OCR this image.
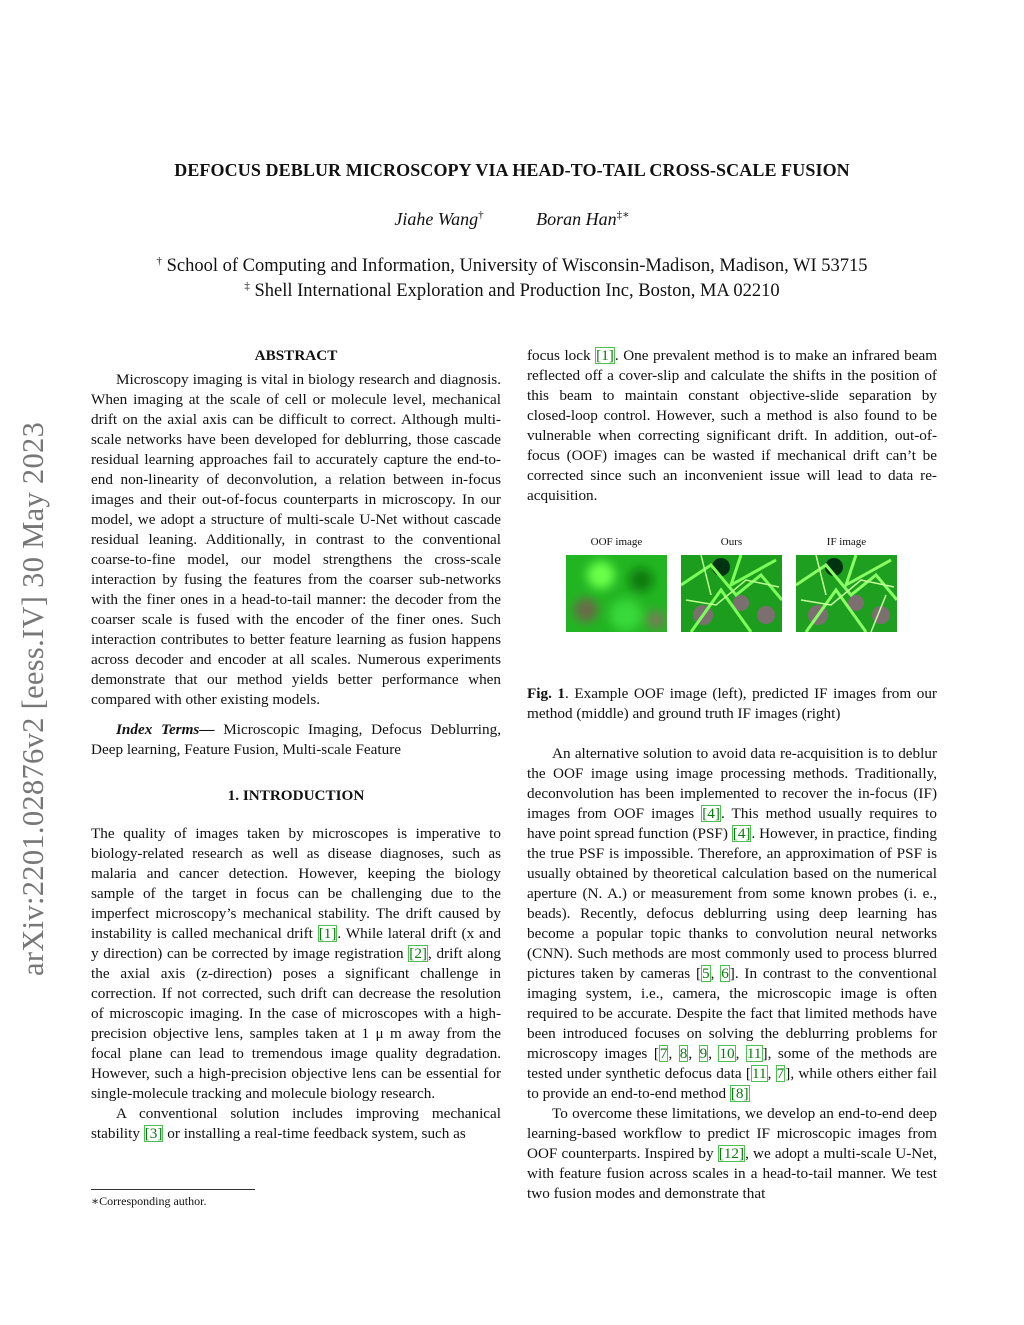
arXiv:2201.02876v2 [eess.IV] 30 May 2023
DEFOCUS DEBLUR MICROSCOPY VIA HEAD-TO-TAIL CROSS-SCALE FUSION
Jiahe Wang†	Boran Han‡∗
† School of Computing and Information, University of Wisconsin-Madison, Madison, WI 53715
‡ Shell International Exploration and Production Inc, Boston, MA 02210
ABSTRACT

Microscopy imaging is vital in biology research and diagnosis. When imaging at the scale of cell or molecule level, mechanical drift on the axial axis can be difficult to correct. Although multi-scale networks have been developed for deblurring, those cascade residual learning approaches fail to accurately capture the end-to-end non-linearity of deconvolution, a relation between in-focus images and their out-of-focus counterparts in microscopy. In our model, we adopt a structure of multi-scale U-Net without cascade residual leaning. Additionally, in contrast to the conventional coarse-to-fine model, our model strengthens the cross-scale interaction by fusing the features from the coarser sub-networks with the finer ones in a head-to-tail manner: the decoder from the coarser scale is fused with the encoder of the finer ones. Such interaction contributes to better feature learning as fusion happens across decoder and encoder at all scales. Numerous experiments demonstrate that our method yields better performance when compared with other existing models.

Index Terms— Microscopic Imaging, Defocus Deblurring, Deep learning, Feature Fusion, Multi-scale Feature

1. INTRODUCTION

The quality of images taken by microscopes is imperative to biology-related research as well as disease diagnoses, such as malaria and cancer detection. However, keeping the biology sample of the target in focus can be challenging due to the imperfect microscopy’s mechanical stability. The drift caused by instability is called mechanical drift [1]. While lateral drift (x and y direction) can be corrected by image registration [2], drift along the axial axis (z-direction) poses a significant challenge in correction. If not corrected, such drift can decrease the resolution of microscopic imaging. In the case of microscopes with a high-precision objective lens, samples taken at 1 μ m away from the focal plane can lead to tremendous image quality degradation. However, such a high-precision objective lens can be essential for single-molecule tracking and molecule biology research.

A conventional solution includes improving mechanical stability [3] or installing a real-time feedback system, such as

∗Corresponding author.

focus lock [1]. One prevalent method is to make an infrared beam reflected off a cover-slip and calculate the shifts in the position of this beam to maintain constant objective-slide separation by closed-loop control. However, such a method is also found to be vulnerable when correcting significant drift. In addition, out-of-focus (OOF) images can be wasted if mechanical drift can’t be corrected since such an inconvenient issue will lead to data re-acquisition.

OOF image	Ours	IF image

Fig. 1. Example OOF image (left), predicted IF images from our method (middle) and ground truth IF images (right)

An alternative solution to avoid data re-acquisition is to deblur the OOF image using image processing methods. Traditionally, deconvolution has been implemented to recover the in-focus (IF) images from OOF images [4]. This method usually requires to have point spread function (PSF) [4]. However, in practice, finding the true PSF is impossible. Therefore, an approximation of PSF is usually obtained by theoretical calculation based on the numerical aperture (N. A.) or measurement from some known probes (i. e., beads). Recently, defocus deblurring using deep learning has become a popular topic thanks to convolution neural networks (CNN). Such methods are most commonly used to process blurred pictures taken by cameras [5, 6]. In contrast to the conventional imaging system, i.e., camera, the microscopic image is often required to be accurate. Despite the fact that limited methods have been introduced focuses on solving the deblurring problems for microscopy images [7, 8, 9, 10, 11], some of the methods are tested under synthetic defocus data [11, 7], while others either fail to provide an end-to-end method [8]

To overcome these limitations, we develop an end-to-end deep learning-based workflow to predict IF microscopic images from OOF counterparts. Inspired by [12], we adopt a multi-scale U-Net, with feature fusion across scales in a head-to-tail manner. We test two fusion modes and demonstrate that
